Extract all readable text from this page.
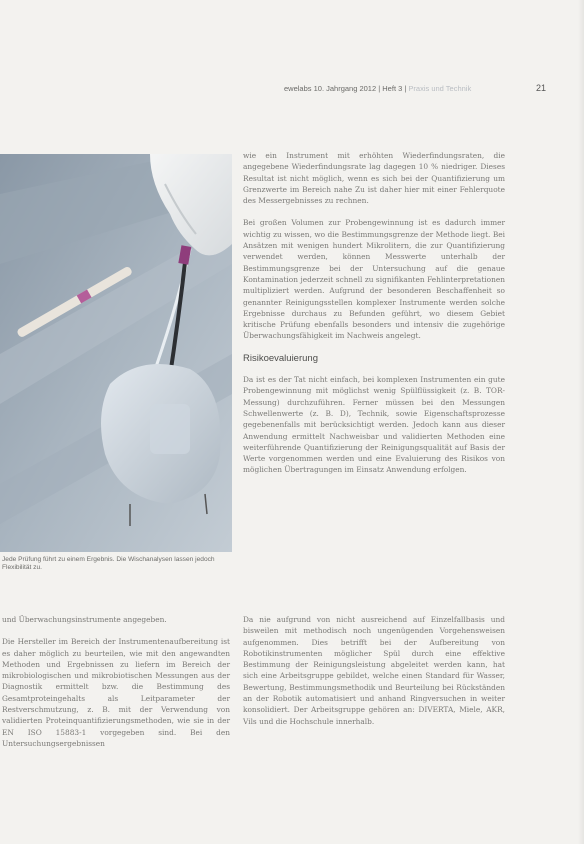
ewelabs 10. Jahrgang 2012 | Heft 3 | Praxis und Technik	21
Jede Prüfung führt zu einem Ergebnis. Die Wischanalysen lassen jedoch Flexibilität zu.

wie ein Instrument mit erhöhten Wiederfindungsraten, die angegebene Wiederfindungsrate lag dagegen 10 % niedriger. Dieses Resultat ist nicht möglich, wenn es sich bei der Quantifizierung um Grenzwerte im Bereich nahe Zu ist daher hier mit einer Fehlerquote des Messergebnisses zu rechnen.

Bei großen Volumen zur Probengewinnung ist es dadurch immer wichtig zu wissen, wo die Bestimmungsgrenze der Methode liegt. Bei Ansätzen mit wenigen hundert Mikrolitern, die zur Quantifizierung verwendet werden, können Messwerte unterhalb der Bestimmungsgrenze bei der Untersuchung auf die genaue Kontamination jederzeit schnell zu signifikanten Fehlinterpretationen multipliziert werden. Aufgrund der besonderen Beschaffenheit so genannter Reinigungsstellen komplexer Instrumente werden solche Ergebnisse durchaus zu Befunden geführt, wo diesem Gebiet kritische Prüfung ebenfalls besonders und intensiv die zugehörige Überwachungsfähigkeit im Nachweis angelegt.

Risikoevaluierung

Da ist es der Tat nicht einfach, bei komplexen Instrumenten ein gute Probengewinnung mit möglichst wenig Spülflüssigkeit (z. B. TOR-Messung) durchzuführen. Ferner müssen bei den Messungen Schwellenwerte (z. B. D), Technik, sowie Eigenschaftsprozesse gegebenenfalls mit berücksichtigt werden. Jedoch kann aus dieser Anwendung ermittelt Nachweisbar und validierten Methoden eine weiterführende Quantifizierung der Reinigungsqualität auf Basis der Werte vorgenommen werden und eine Evaluierung des Risikos von möglichen Übertragungen im Einsatz Anwendung erfolgen.

und Überwachungsinstrumente angegeben.

Die Hersteller im Bereich der Instrumentenaufbereitung ist es daher möglich zu beurteilen, wie mit den angewandten Methoden und Ergebnissen zu liefern im Bereich der mikrobiologischen und mikrobiotischen Messungen aus der Diagnostik ermittelt bzw. die Bestimmung des Gesamtproteingehalts als Leitparameter der Restverschmutzung, z. B. mit der Verwendung von validierten Proteinquantifizierungsmethoden, wie sie in der EN ISO 15883-1 vorgegeben sind. Bei den Untersuchungsergebnissen

Da nie aufgrund von nicht ausreichend auf Einzelfallbasis und bisweilen mit methodisch noch ungenügenden Vorgehensweisen aufgenommen. Dies betrifft bei der Aufbereitung von Robotikinstrumenten möglicher Spül durch eine effektive Bestimmung der Reinigungsleistung abgeleitet werden kann, hat sich eine Arbeitsgruppe gebildet, welche einen Standard für Wasser, Bewertung, Bestimmungsmethodik und Beurteilung bei Rückständen an der Robotik automatisiert und anhand Ringversuchen in weiter konsolidiert. Der Arbeitsgruppe gehören an: DIVERTA, Miele, AKR, Vils und die Hochschule innerhalb.
